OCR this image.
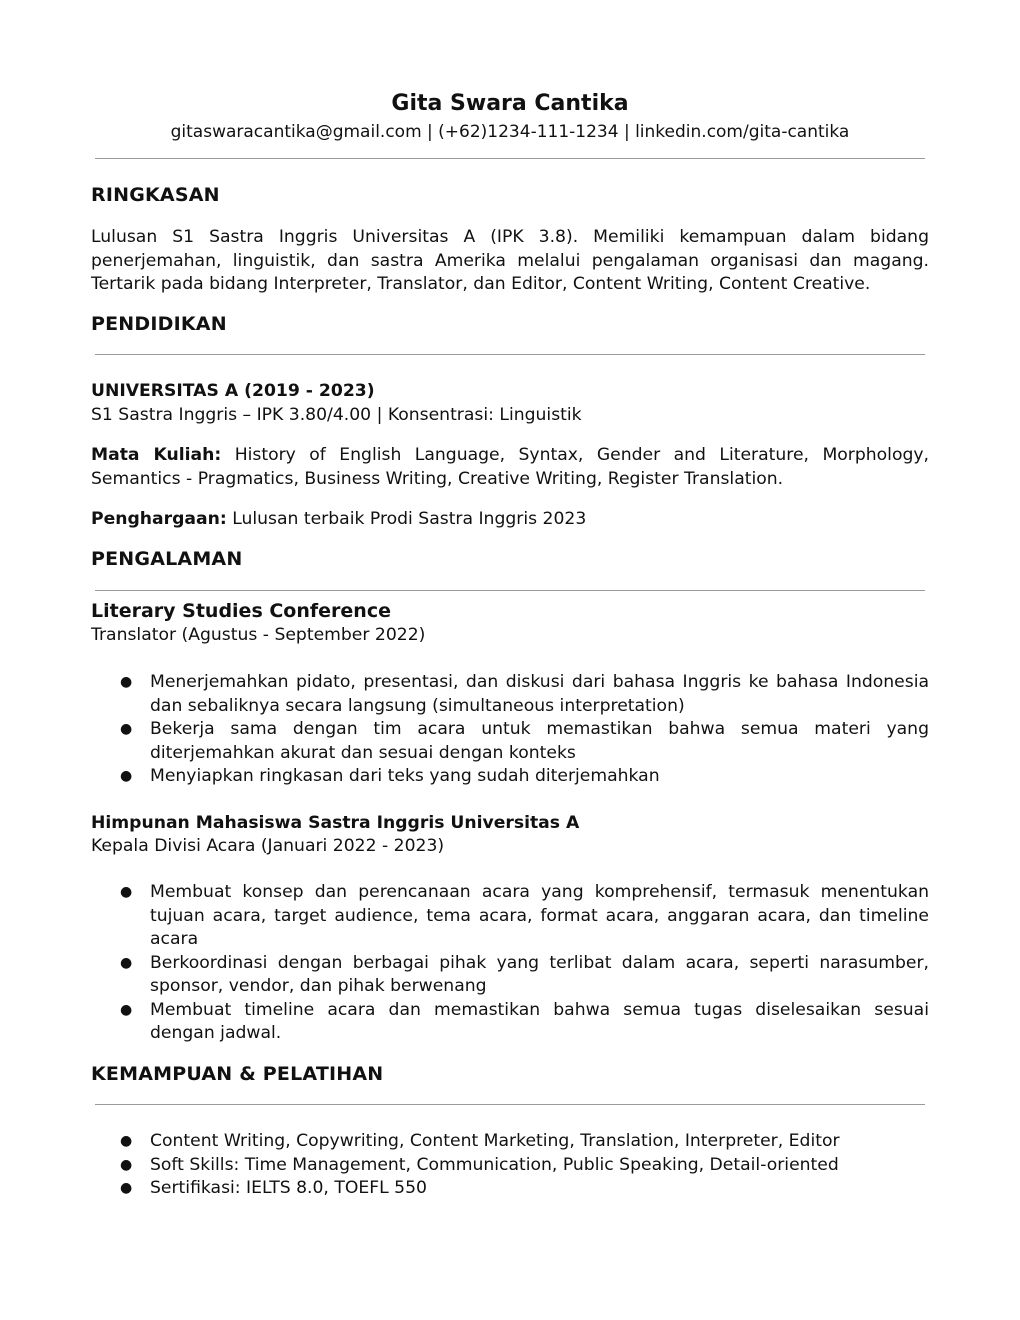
Gita Swara Cantika
gitaswaracantika@gmail.com | (+62)1234-111-1234 | linkedin.com/gita-cantika
RINGKASAN
Lulusan S1 Sastra Inggris Universitas A (IPK 3.8). Memiliki kemampuan dalam bidang penerjemahan, linguistik, dan sastra Amerika melalui pengalaman organisasi dan magang. Tertarik pada bidang Interpreter, Translator, dan Editor, Content Writing, Content Creative.
PENDIDIKAN
UNIVERSITAS A (2019 - 2023)
S1 Sastra Inggris – IPK 3.80/4.00 | Konsentrasi: Linguistik
Mata Kuliah: History of English Language, Syntax, Gender and Literature, Morphology, Semantics - Pragmatics, Business Writing, Creative Writing, Register Translation.
Penghargaan: Lulusan terbaik Prodi Sastra Inggris 2023
PENGALAMAN
Literary Studies Conference
Translator (Agustus - September 2022)
● Menerjemahkan pidato, presentasi, dan diskusi dari bahasa Inggris ke bahasa Indonesia dan sebaliknya secara langsung (simultaneous interpretation)
● Bekerja sama dengan tim acara untuk memastikan bahwa semua materi yang diterjemahkan akurat dan sesuai dengan konteks
● Menyiapkan ringkasan dari teks yang sudah diterjemahkan
Himpunan Mahasiswa Sastra Inggris Universitas A
Kepala Divisi Acara (Januari 2022 - 2023)
● Membuat konsep dan perencanaan acara yang komprehensif, termasuk menentukan tujuan acara, target audience, tema acara, format acara, anggaran acara, dan timeline acara
● Berkoordinasi dengan berbagai pihak yang terlibat dalam acara, seperti narasumber, sponsor, vendor, dan pihak berwenang
● Membuat timeline acara dan memastikan bahwa semua tugas diselesaikan sesuai dengan jadwal.
KEMAMPUAN & PELATIHAN
● Content Writing, Copywriting, Content Marketing, Translation, Interpreter, Editor
● Soft Skills: Time Management, Communication, Public Speaking, Detail-oriented
● Sertifikasi: IELTS 8.0, TOEFL 550
